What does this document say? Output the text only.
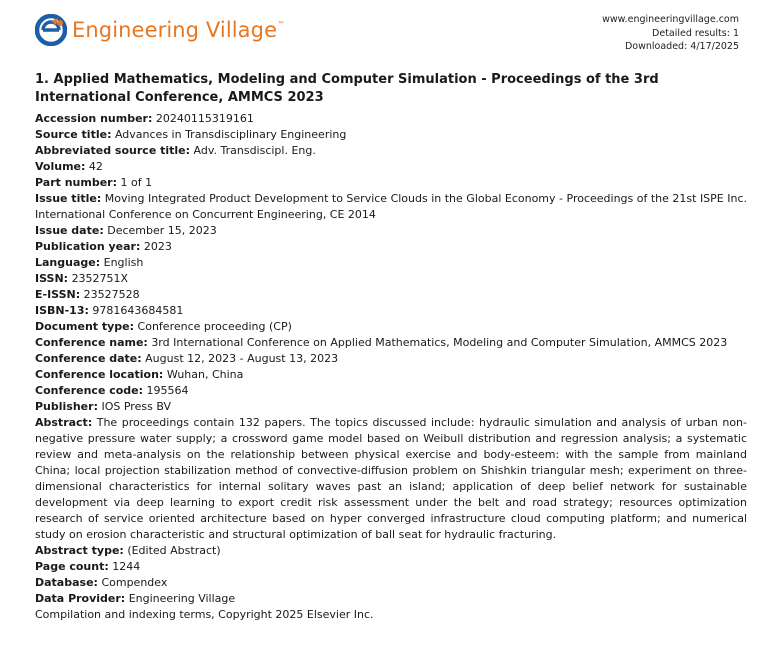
Engineering Village™	www.engineeringvillage.com
Detailed results: 1
Downloaded: 4/17/2025
1. Applied Mathematics, Modeling and Computer Simulation - Proceedings of the 3rd International Conference, AMMCS 2023
Accession number: 20240115319161
Source title: Advances in Transdisciplinary Engineering
Abbreviated source title: Adv. Transdiscipl. Eng.
Volume: 42
Part number: 1 of 1
Issue title: Moving Integrated Product Development to Service Clouds in the Global Economy - Proceedings of the 21st ISPE Inc. International Conference on Concurrent Engineering, CE 2014
Issue date: December 15, 2023
Publication year: 2023
Language: English
ISSN: 2352751X
E-ISSN: 23527528
ISBN-13: 9781643684581
Document type: Conference proceeding (CP)
Conference name: 3rd International Conference on Applied Mathematics, Modeling and Computer Simulation, AMMCS 2023
Conference date: August 12, 2023 - August 13, 2023
Conference location: Wuhan, China
Conference code: 195564
Publisher: IOS Press BV
Abstract: The proceedings contain 132 papers. The topics discussed include: hydraulic simulation and analysis of urban non-negative pressure water supply; a crossword game model based on Weibull distribution and regression analysis; a systematic review and meta-analysis on the relationship between physical exercise and body-esteem: with the sample from mainland China; local projection stabilization method of convective-diffusion problem on Shishkin triangular mesh; experiment on three-dimensional characteristics for internal solitary waves past an island; application of deep belief network for sustainable development via deep learning to export credit risk assessment under the belt and road strategy; resources optimization research of service oriented architecture based on hyper converged infrastructure cloud computing platform; and numerical study on erosion characteristic and structural optimization of ball seat for hydraulic fracturing.
Abstract type: (Edited Abstract)
Page count: 1244
Database: Compendex
Data Provider: Engineering Village
Compilation and indexing terms, Copyright 2025 Elsevier Inc.
